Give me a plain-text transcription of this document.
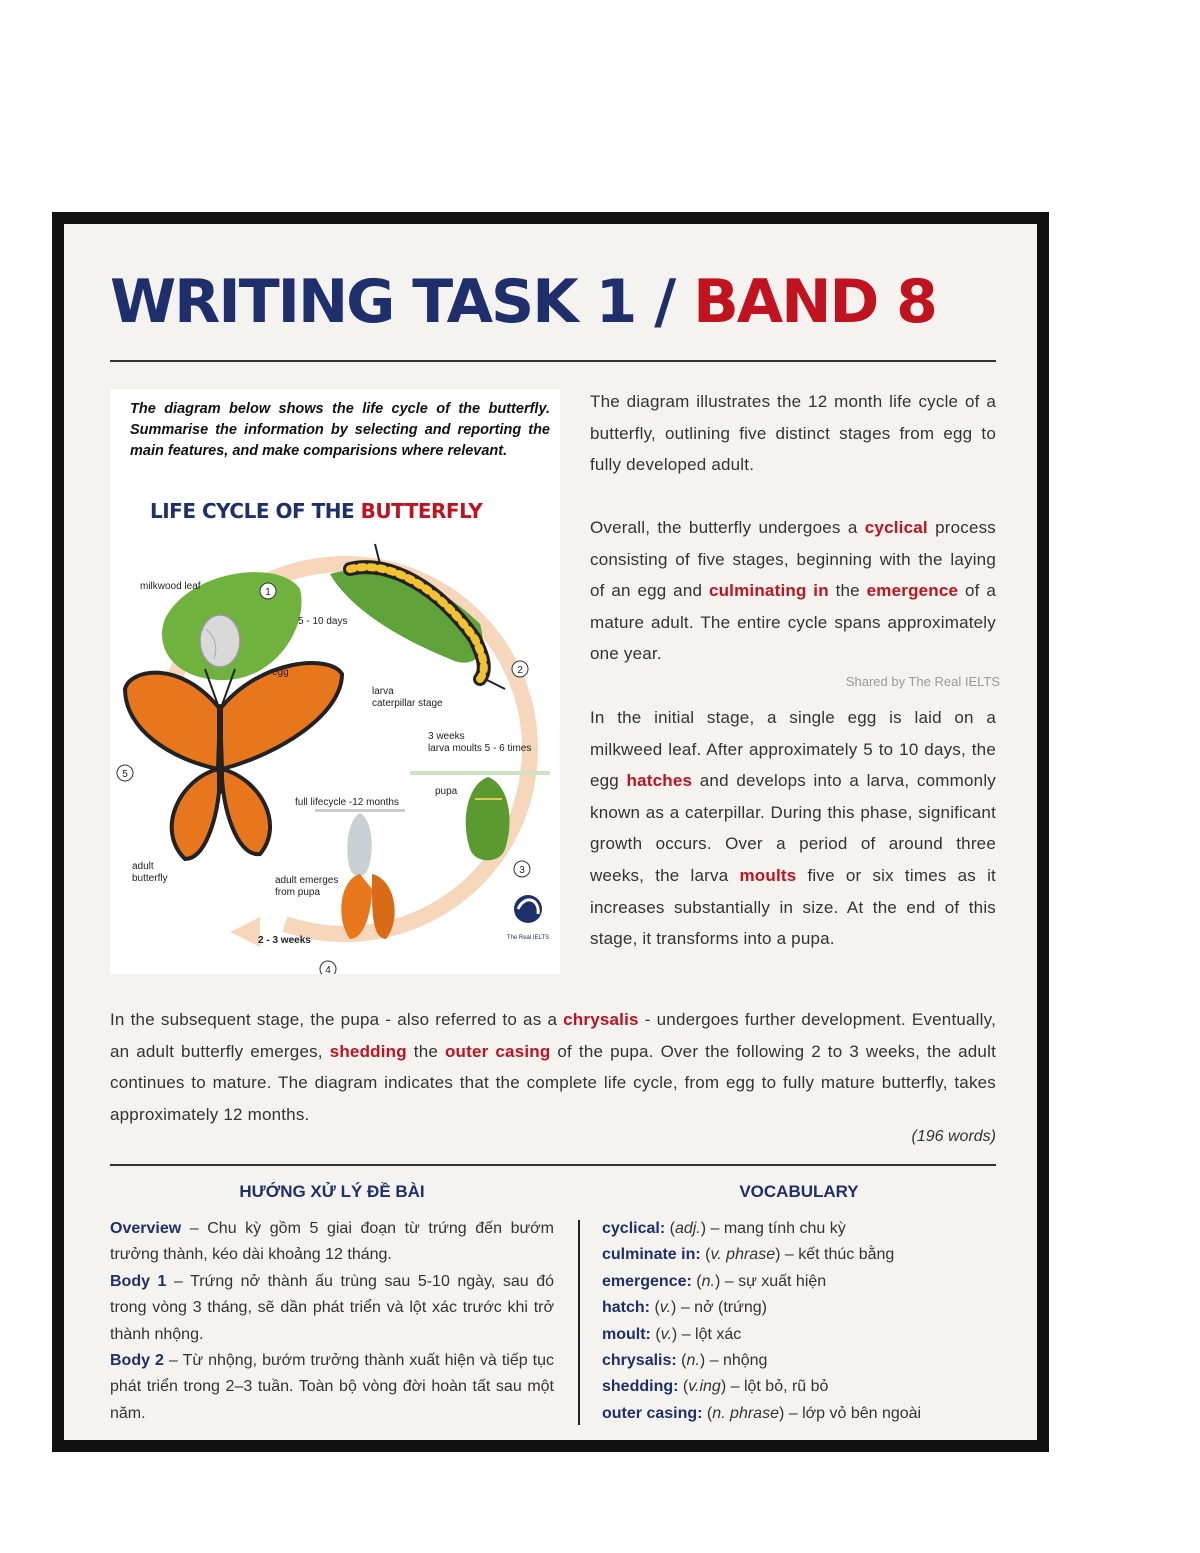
WRITING TASK 1 / BAND 8
The diagram below shows the life cycle of the butterfly. Summarise the information by selecting and reporting the main features, and make comparisions where relevant.
LIFE CYCLE OF THE BUTTERFLY
The Real IELTS
1
2
3
4
5
milkwood leaf
5 - 10 days
egg
larva
caterpillar stage
3 weeks
larva moults 5 - 6 times
pupa
full lifecycle -12 months
adult
butterfly	adult emerges
from pupa
2 - 3 weeks
The diagram illustrates the 12 month life cycle of a butterfly, outlining five distinct stages from egg to fully developed adult.
Overall, the butterfly undergoes a cyclical process consisting of five stages, beginning with the laying of an egg and culminating in the emergence of a mature adult. The entire cycle spans approximately one year.
Shared by The Real IELTS
In the initial stage, a single egg is laid on a milkweed leaf. After approximately 5 to 10 days, the egg hatches and develops into a larva, commonly known as a caterpillar. During this phase, significant growth occurs. Over a period of around three weeks, the larva moults five or six times as it increases substantially in size. At the end of this stage, it transforms into a pupa.
In the subsequent stage, the pupa - also referred to as a chrysalis - undergoes further development. Eventually, an adult butterfly emerges, shedding the outer casing of the pupa. Over the following 2 to 3 weeks, the adult continues to mature. The diagram indicates that the complete life cycle, from egg to fully mature butterfly, takes approximately 12 months.
(196 words)
HƯỚNG XỬ LÝ ĐỀ BÀI
Overview – Chu kỳ gồm 5 giai đoạn từ trứng đến bướm trưởng thành, kéo dài khoảng 12 tháng.
Body 1 – Trứng nở thành ấu trùng sau 5-10 ngày, sau đó trong vòng 3 tháng, sẽ dần phát triển và lột xác trước khi trở thành nhộng.
Body 2 – Từ nhộng, bướm trưởng thành xuất hiện và tiếp tục phát triển trong 2–3 tuần. Toàn bộ vòng đời hoàn tất sau một năm.
VOCABULARY
cyclical: (adj.) – mang tính chu kỳ
culminate in: (v. phrase) – kết thúc bằng
emergence: (n.) – sự xuất hiện
hatch: (v.) – nở (trứng)
moult: (v.) – lột xác
chrysalis: (n.) – nhộng
shedding: (v.ing) – lột bỏ, rũ bỏ
outer casing: (n. phrase) – lớp vỏ bên ngoài
